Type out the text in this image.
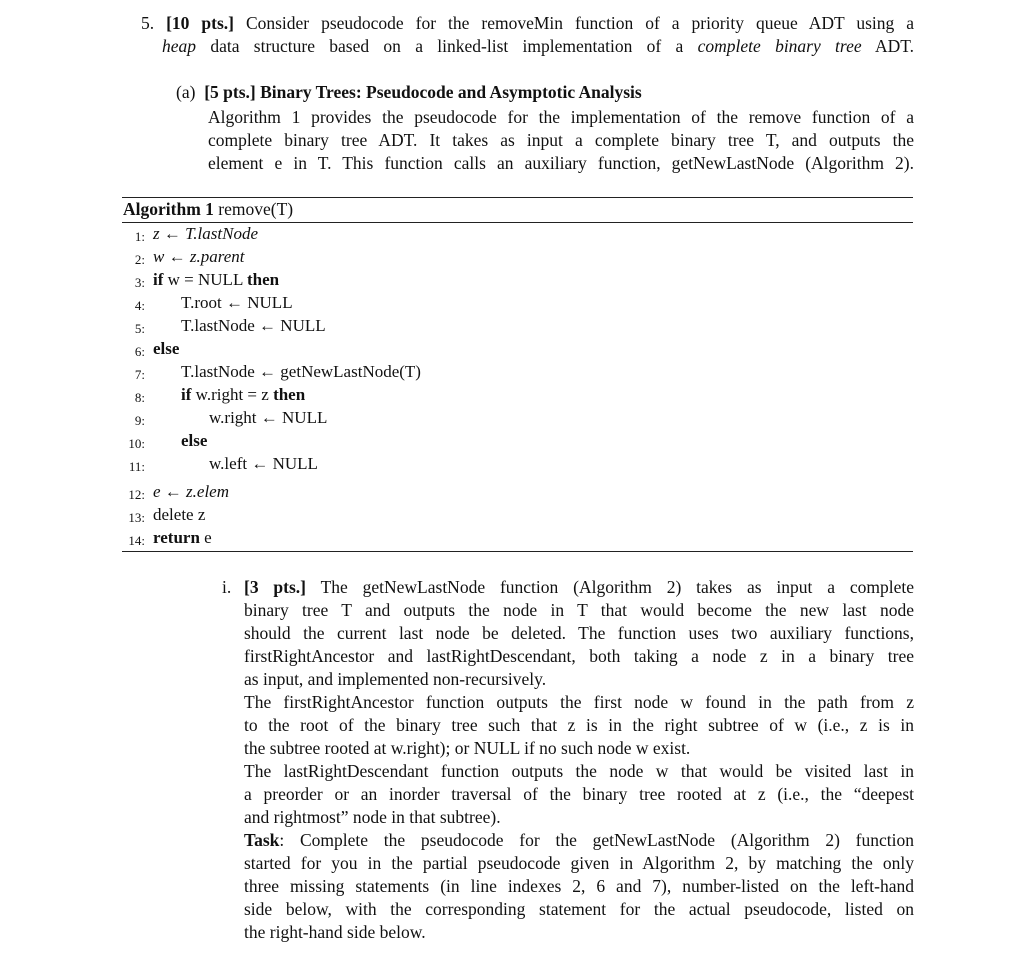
5. [10 pts.] Consider pseudocode for the removeMin function of a priority queue ADT using a
heap data structure based on a linked-list implementation of a complete binary tree ADT.
(a) [5 pts.] Binary Trees: Pseudocode and Asymptotic Analysis
Algorithm 1 provides the pseudocode for the implementation of the remove function of a
complete binary tree ADT. It takes as input a complete binary tree T, and outputs the
element e in T. This function calls an auxiliary function, getNewLastNode (Algorithm 2).
Algorithm 1 remove(T)
1: z ← T.lastNode
2: w ← z.parent
3: if w = NULL then
4: T.root ← NULL
5: T.lastNode ← NULL
6: else
7: T.lastNode ← getNewLastNode(T)
8: if w.right = z then
9:	w.right ← NULL
10: else
11:	w.left ← NULL
12: e ← z.elem
13: delete z
14: return e
i. [3 pts.] The getNewLastNode function (Algorithm 2) takes as input a complete
binary tree T and outputs the node in T that would become the new last node
should the current last node be deleted. The function uses two auxiliary functions,
firstRightAncestor and lastRightDescendant, both taking a node z in a binary tree
as input, and implemented non-recursively.
The firstRightAncestor function outputs the first node w found in the path from z
to the root of the binary tree such that z is in the right subtree of w (i.e., z is in
the subtree rooted at w.right); or NULL if no such node w exist.
The lastRightDescendant function outputs the node w that would be visited last in
a preorder or an inorder traversal of the binary tree rooted at z (i.e., the “deepest
and rightmost” node in that subtree).
Task: Complete the pseudocode for the getNewLastNode (Algorithm 2) function
started for you in the partial pseudocode given in Algorithm 2, by matching the only
three missing statements (in line indexes 2, 6 and 7), number-listed on the left-hand
side below, with the corresponding statement for the actual pseudocode, listed on
the right-hand side below.
